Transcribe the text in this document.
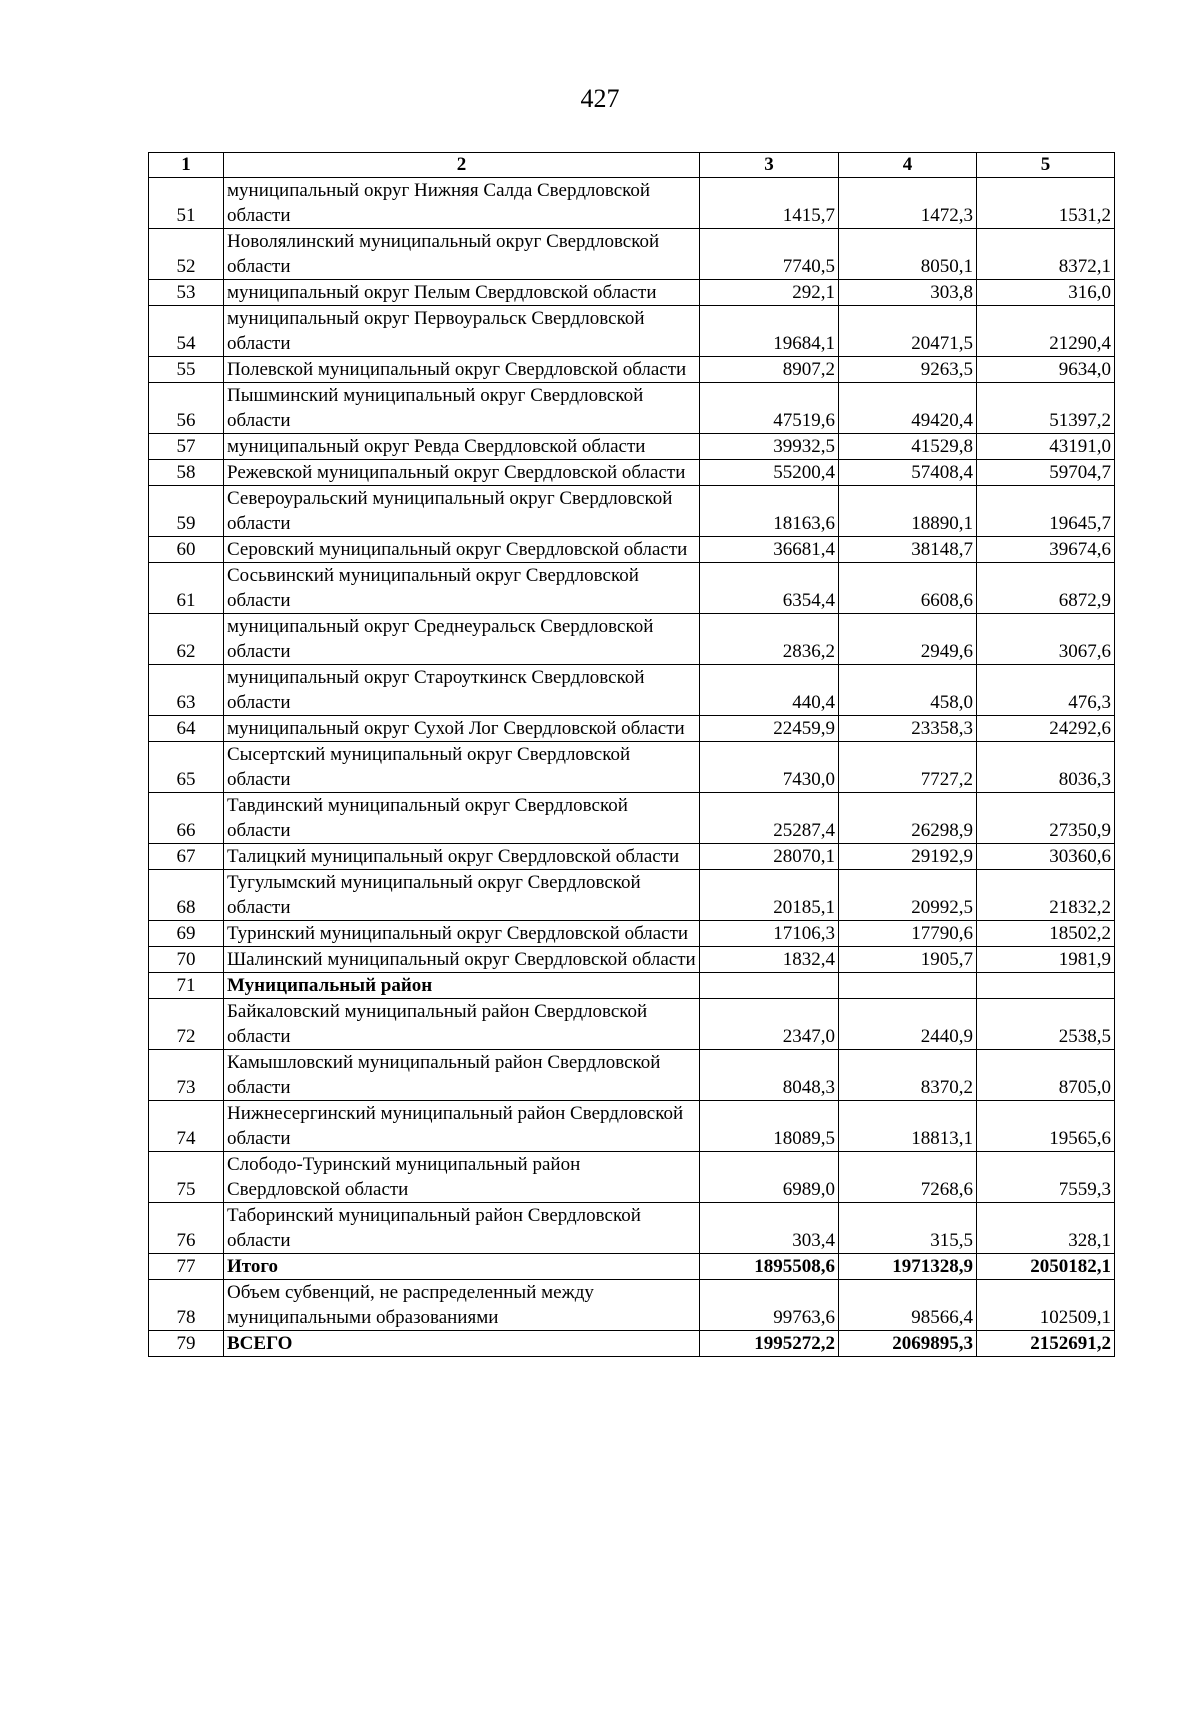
427
1	2	3	4	5
51	муниципальный округ Нижняя Салда Свердловской области	1415,7	1472,3	1531,2
52	Новолялинский муниципальный округ Свердловской области	7740,5	8050,1	8372,1
53	муниципальный округ Пелым Свердловской области	292,1	303,8	316,0
54	муниципальный округ Первоуральск Свердловской области	19684,1	20471,5	21290,4
55	Полевской муниципальный округ Свердловской области	8907,2	9263,5	9634,0
56	Пышминский муниципальный округ Свердловской области	47519,6	49420,4	51397,2
57	муниципальный округ Ревда Свердловской области	39932,5	41529,8	43191,0
58	Режевской муниципальный округ Свердловской области	55200,4	57408,4	59704,7
59	Североуральский муниципальный округ Свердловской области	18163,6	18890,1	19645,7
60	Серовский муниципальный округ Свердловской области	36681,4	38148,7	39674,6
61	Сосьвинский муниципальный округ Свердловской области	6354,4	6608,6	6872,9
62	муниципальный округ Среднеуральск Свердловской области	2836,2	2949,6	3067,6
63	муниципальный округ Староуткинск Свердловской области	440,4	458,0	476,3
64	муниципальный округ Сухой Лог Свердловской области	22459,9	23358,3	24292,6
65	Сысертский муниципальный округ Свердловской области	7430,0	7727,2	8036,3
66	Тавдинский муниципальный округ Свердловской области	25287,4	26298,9	27350,9
67	Талицкий муниципальный округ Свердловской области	28070,1	29192,9	30360,6
68	Тугулымский муниципальный округ Свердловской области	20185,1	20992,5	21832,2
69	Туринский муниципальный округ Свердловской области	17106,3	17790,6	18502,2
70	Шалинский муниципальный округ Свердловской области	1832,4	1905,7	1981,9
71	Муниципальный район			
72	Байкаловский муниципальный район Свердловской области	2347,0	2440,9	2538,5
73	Камышловский муниципальный район Свердловской области	8048,3	8370,2	8705,0
74	Нижнесергинский муниципальный район Свердловской области	18089,5	18813,1	19565,6
75	Слободо-Туринский муниципальный район Свердловской области	6989,0	7268,6	7559,3
76	Таборинский муниципальный район Свердловской области	303,4	315,5	328,1
77	Итого	1895508,6	1971328,9	2050182,1
78	Объем субвенций, не распределенный между муниципальными образованиями	99763,6	98566,4	102509,1
79	ВСЕГО	1995272,2	2069895,3	2152691,2
